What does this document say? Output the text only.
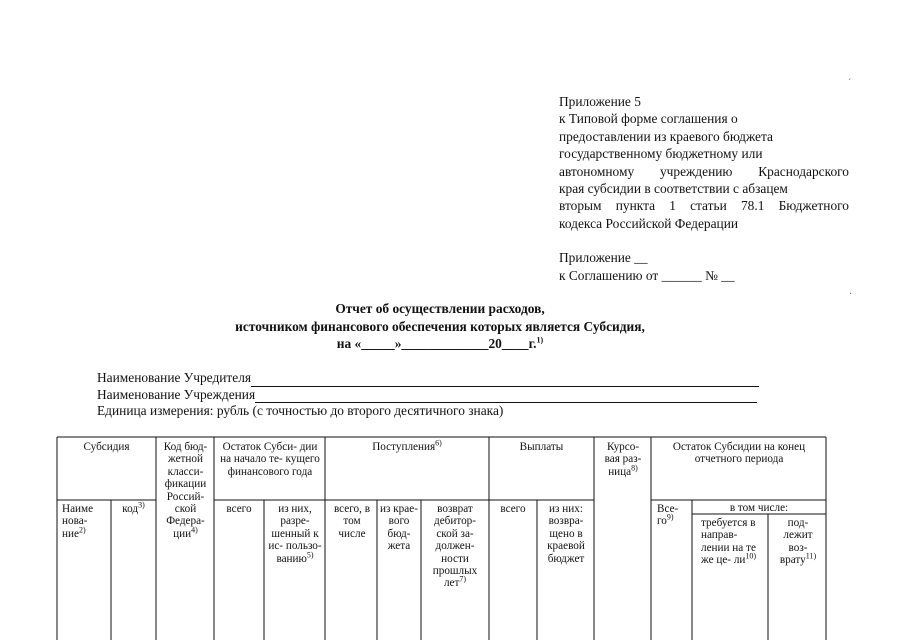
Приложение 5
к Типовой форме соглашения о
предоставлении из краевого бюджета
государственному бюджетному или
автономному учреждению Краснодарского
края субсидии в соответствии с абзацем
вторым пункта 1 статьи 78.1 Бюджетного
кодекса Российской Федерации
Приложение __
к Соглашению от ______ № __
´
·
Отчет об осуществлении расходов,
источником финансового обеспечения которых является Субсидия,
на «_____»_____________20____г.$^{1)}$
Наименование Учредителя
Наименование Учреждения
Единица измерения: рубль (с точностью до второго десятичного знака)
Субсидия
Наиме нова- ние$^{2)}$
код$^{3)}$
Код бюд- жетной класси- фикации Россий- ской Федера- ции$^{4)}$
Остаток Субси- дии на начало те- кущего финансового года
всего	из них, разре- шенный к ис- пользо- ванию$^{5)}$
Поступления$^{6)}$
всего, в том числе
из крае- вого бюд- жета
возврат дебитор- ской за- должен- ности прошлых лет$^{7)}$
Выплаты
всего	из них: возвра- щено в краевой бюджет
Курсо- вая раз- ница$^{8)}$
Остаток Субсидии на конец отчетного периода
Все- $го^{9)}$
в том числе:
требуется в направ- лении на те же це- $ли^{10)}$
под- лежит воз- врату$^{11)}$
